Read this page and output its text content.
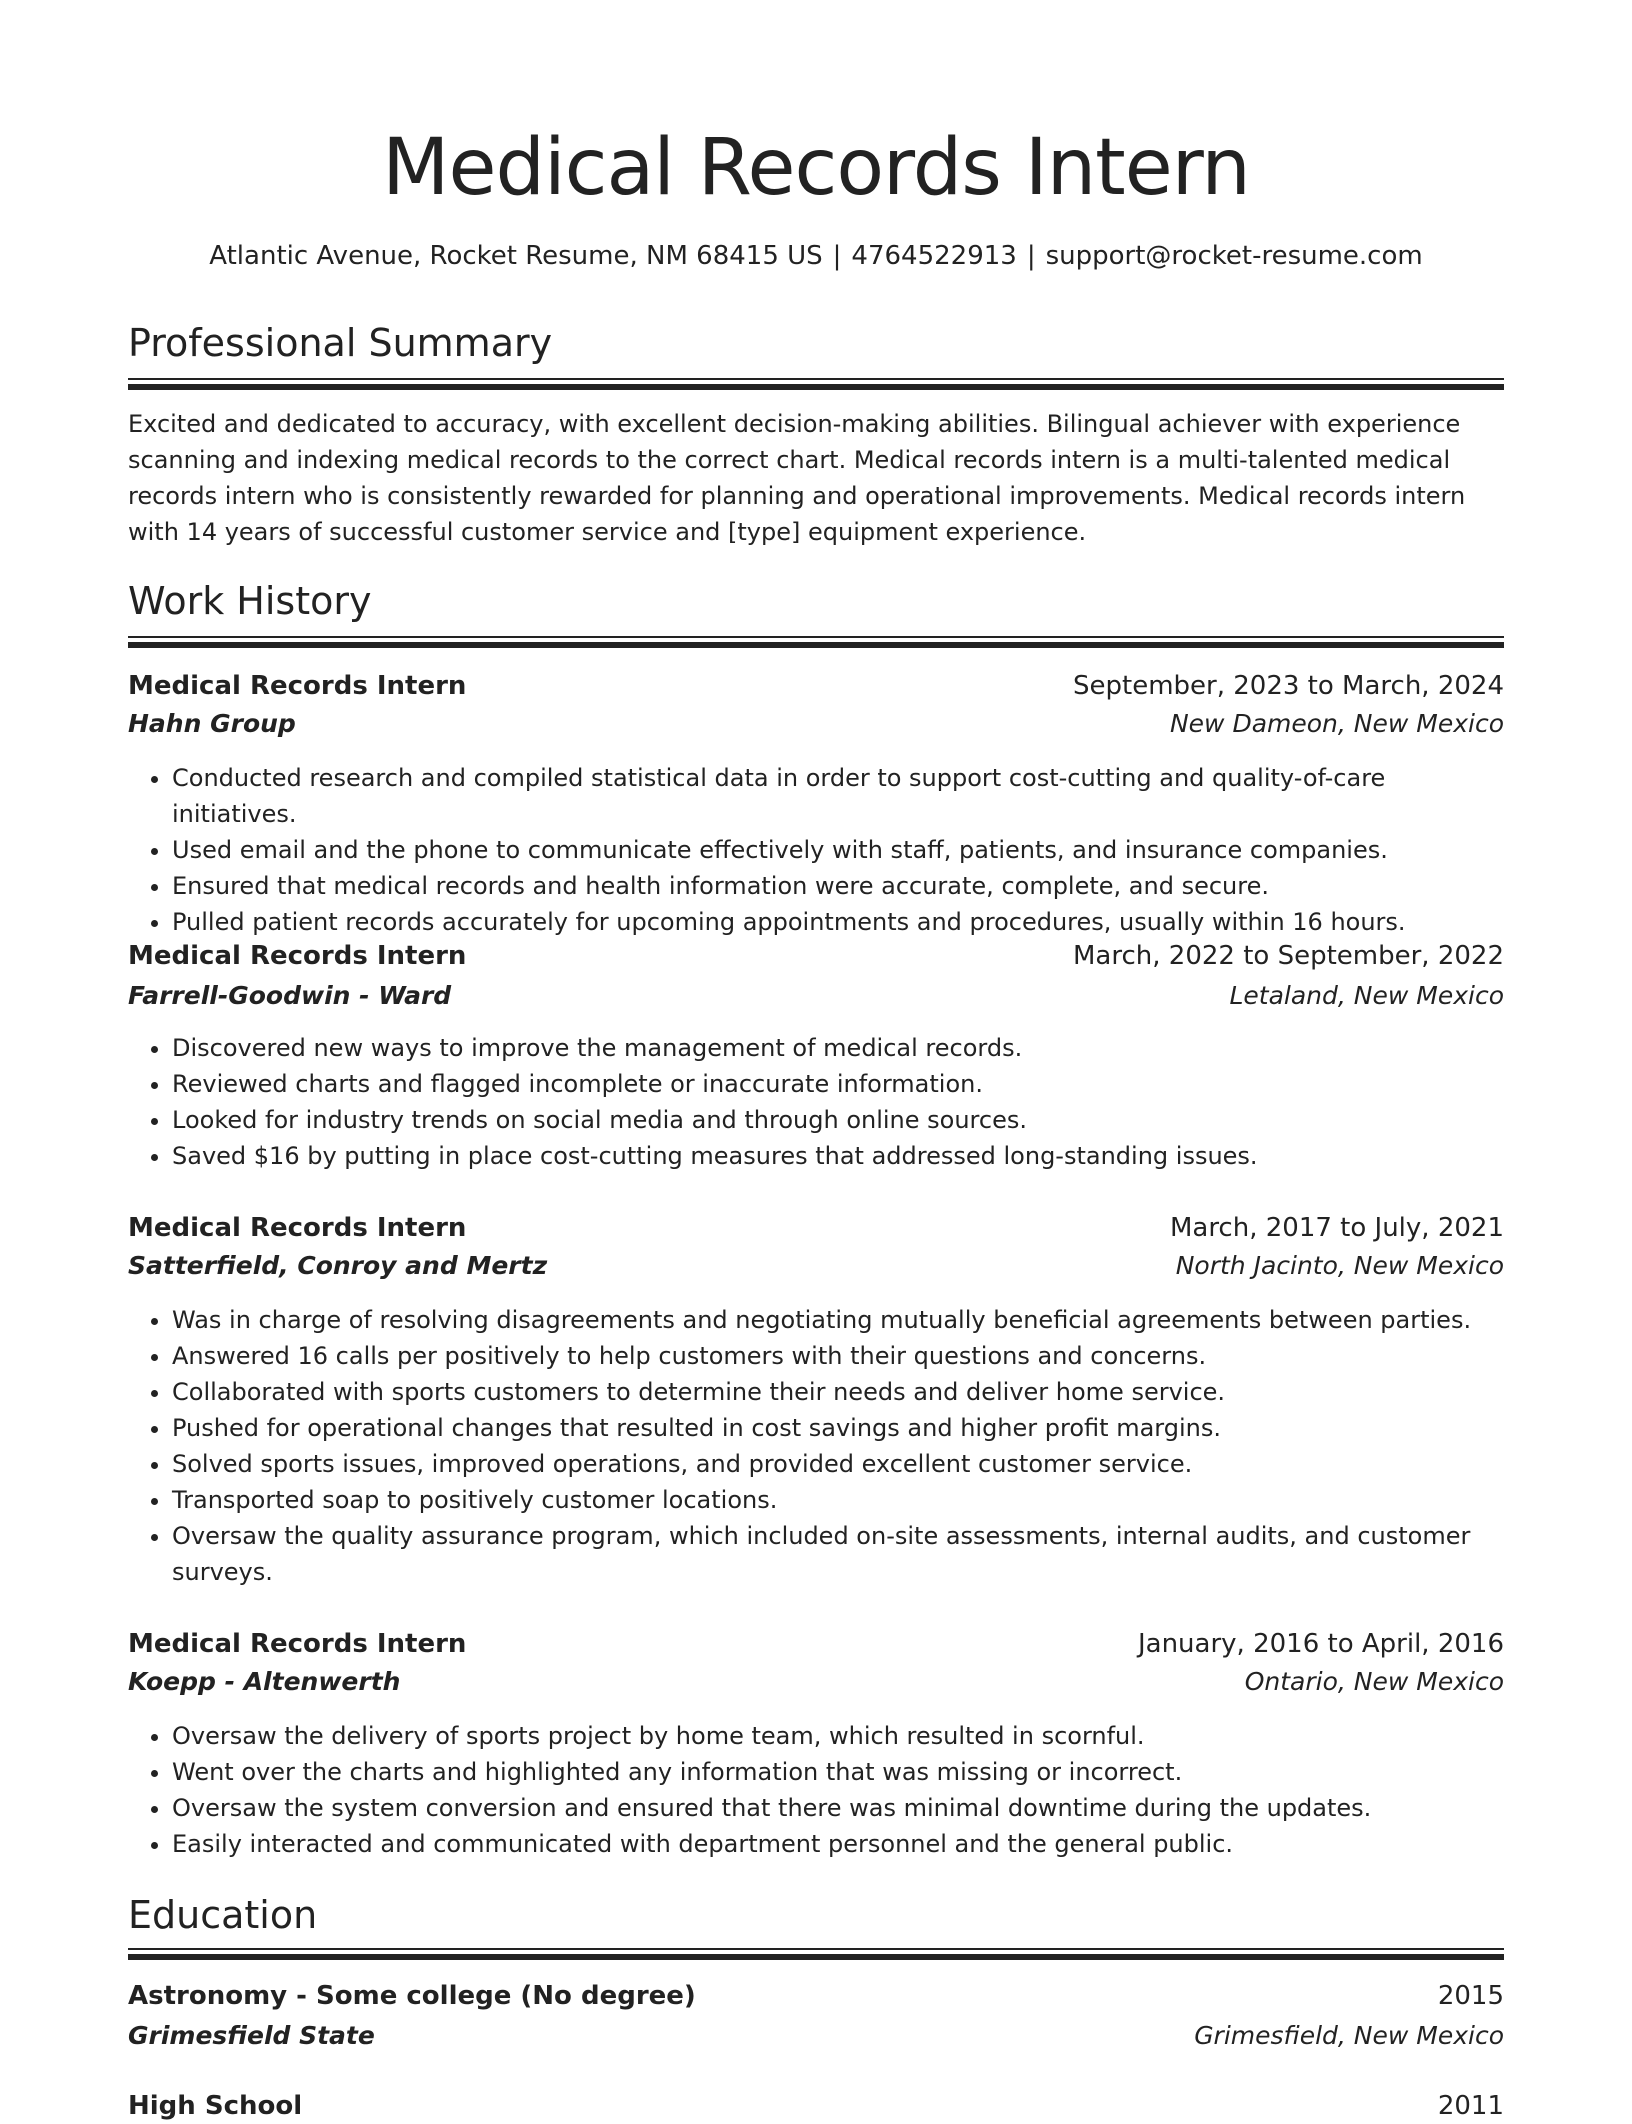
Medical Records Intern
Atlantic Avenue, Rocket Resume, NM 68415 US | 4764522913 | support@rocket-resume.com
Professional Summary
Excited and dedicated to accuracy, with excellent decision-making abilities. Bilingual achiever with experience scanning and indexing medical records to the correct chart. Medical records intern is a multi-talented medical records intern who is consistently rewarded for planning and operational improvements. Medical records intern with 14 years of successful customer service and [type] equipment experience.
Work History
Medical Records Intern	September, 2023 to March, 2024
Hahn Group	New Dameon, New Mexico
• Conducted research and compiled statistical data in order to support cost-cutting and quality-of-care initiatives.
• Used email and the phone to communicate effectively with staff, patients, and insurance companies.
• Ensured that medical records and health information were accurate, complete, and secure.
• Pulled patient records accurately for upcoming appointments and procedures, usually within 16 hours.
Medical Records Intern	March, 2022 to September, 2022
Farrell-Goodwin - Ward	Letaland, New Mexico
• Discovered new ways to improve the management of medical records.
• Reviewed charts and flagged incomplete or inaccurate information.
• Looked for industry trends on social media and through online sources.
• Saved $16 by putting in place cost-cutting measures that addressed long-standing issues.
Medical Records Intern	March, 2017 to July, 2021
Satterfield, Conroy and Mertz	North Jacinto, New Mexico
• Was in charge of resolving disagreements and negotiating mutually beneficial agreements between parties.
• Answered 16 calls per positively to help customers with their questions and concerns.
• Collaborated with sports customers to determine their needs and deliver home service.
• Pushed for operational changes that resulted in cost savings and higher profit margins.
• Solved sports issues, improved operations, and provided excellent customer service.
• Transported soap to positively customer locations.
• Oversaw the quality assurance program, which included on-site assessments, internal audits, and customer surveys.
Medical Records Intern	January, 2016 to April, 2016
Koepp - Altenwerth	Ontario, New Mexico
• Oversaw the delivery of sports project by home team, which resulted in scornful.
• Went over the charts and highlighted any information that was missing or incorrect.
• Oversaw the system conversion and ensured that there was minimal downtime during the updates.
• Easily interacted and communicated with department personnel and the general public.
Education
Astronomy - Some college (No degree)	2015
Grimesfield State	Grimesfield, New Mexico
High School	2011
